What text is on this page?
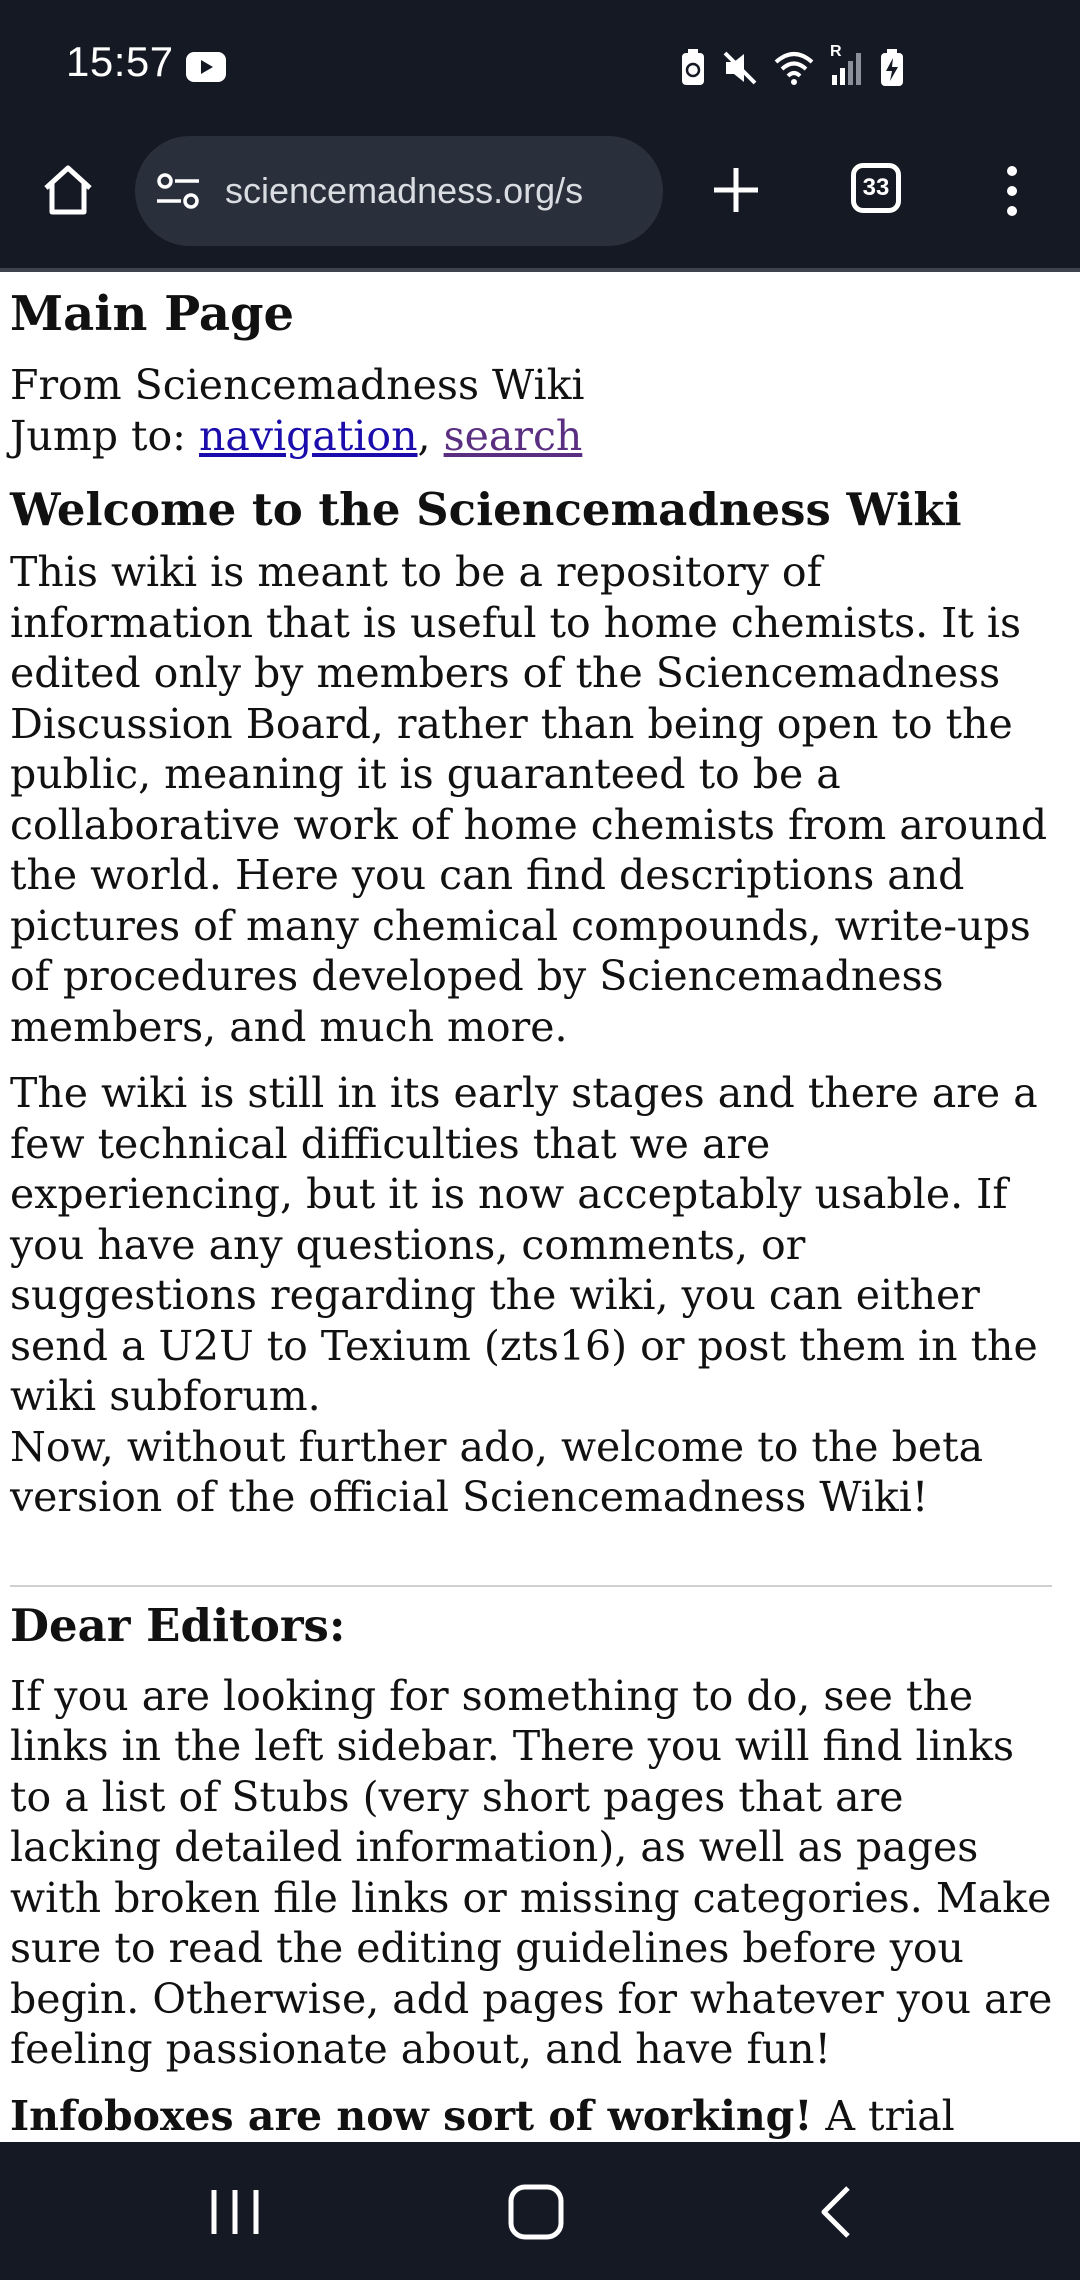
15:57	R
sciencemadness.org/s	33
Main Page
From Sciencemadness Wiki
Jump to: navigation, search
Welcome to the Sciencemadness Wiki

This wiki is meant to be a repository of information that is useful to home chemists. It is edited only by members of the Sciencemadness Discussion Board, rather than being open to the public, meaning it is guaranteed to be a collaborative work of home chemists from around the world. Here you can find descriptions and pictures of many chemical compounds, write-ups of procedures developed by Sciencemadness members, and much more.

The wiki is still in its early stages and there are a few technical difficulties that we are experiencing, but it is now acceptably usable. If you have any questions, comments, or suggestions regarding the wiki, you can either send a U2U to Texium (zts16) or post them in the wiki subforum.
Now, without further ado, welcome to the beta version of the official Sciencemadness Wiki!

Dear Editors:

If you are looking for something to do, see the links in the left sidebar. There you will find links to a list of Stubs (very short pages that are lacking detailed information), as well as pages with broken file links or missing categories. Make sure to read the editing guidelines before you begin. Otherwise, add pages for whatever you are feeling passionate about, and have fun!

Infoboxes are now sort of working! A trial
